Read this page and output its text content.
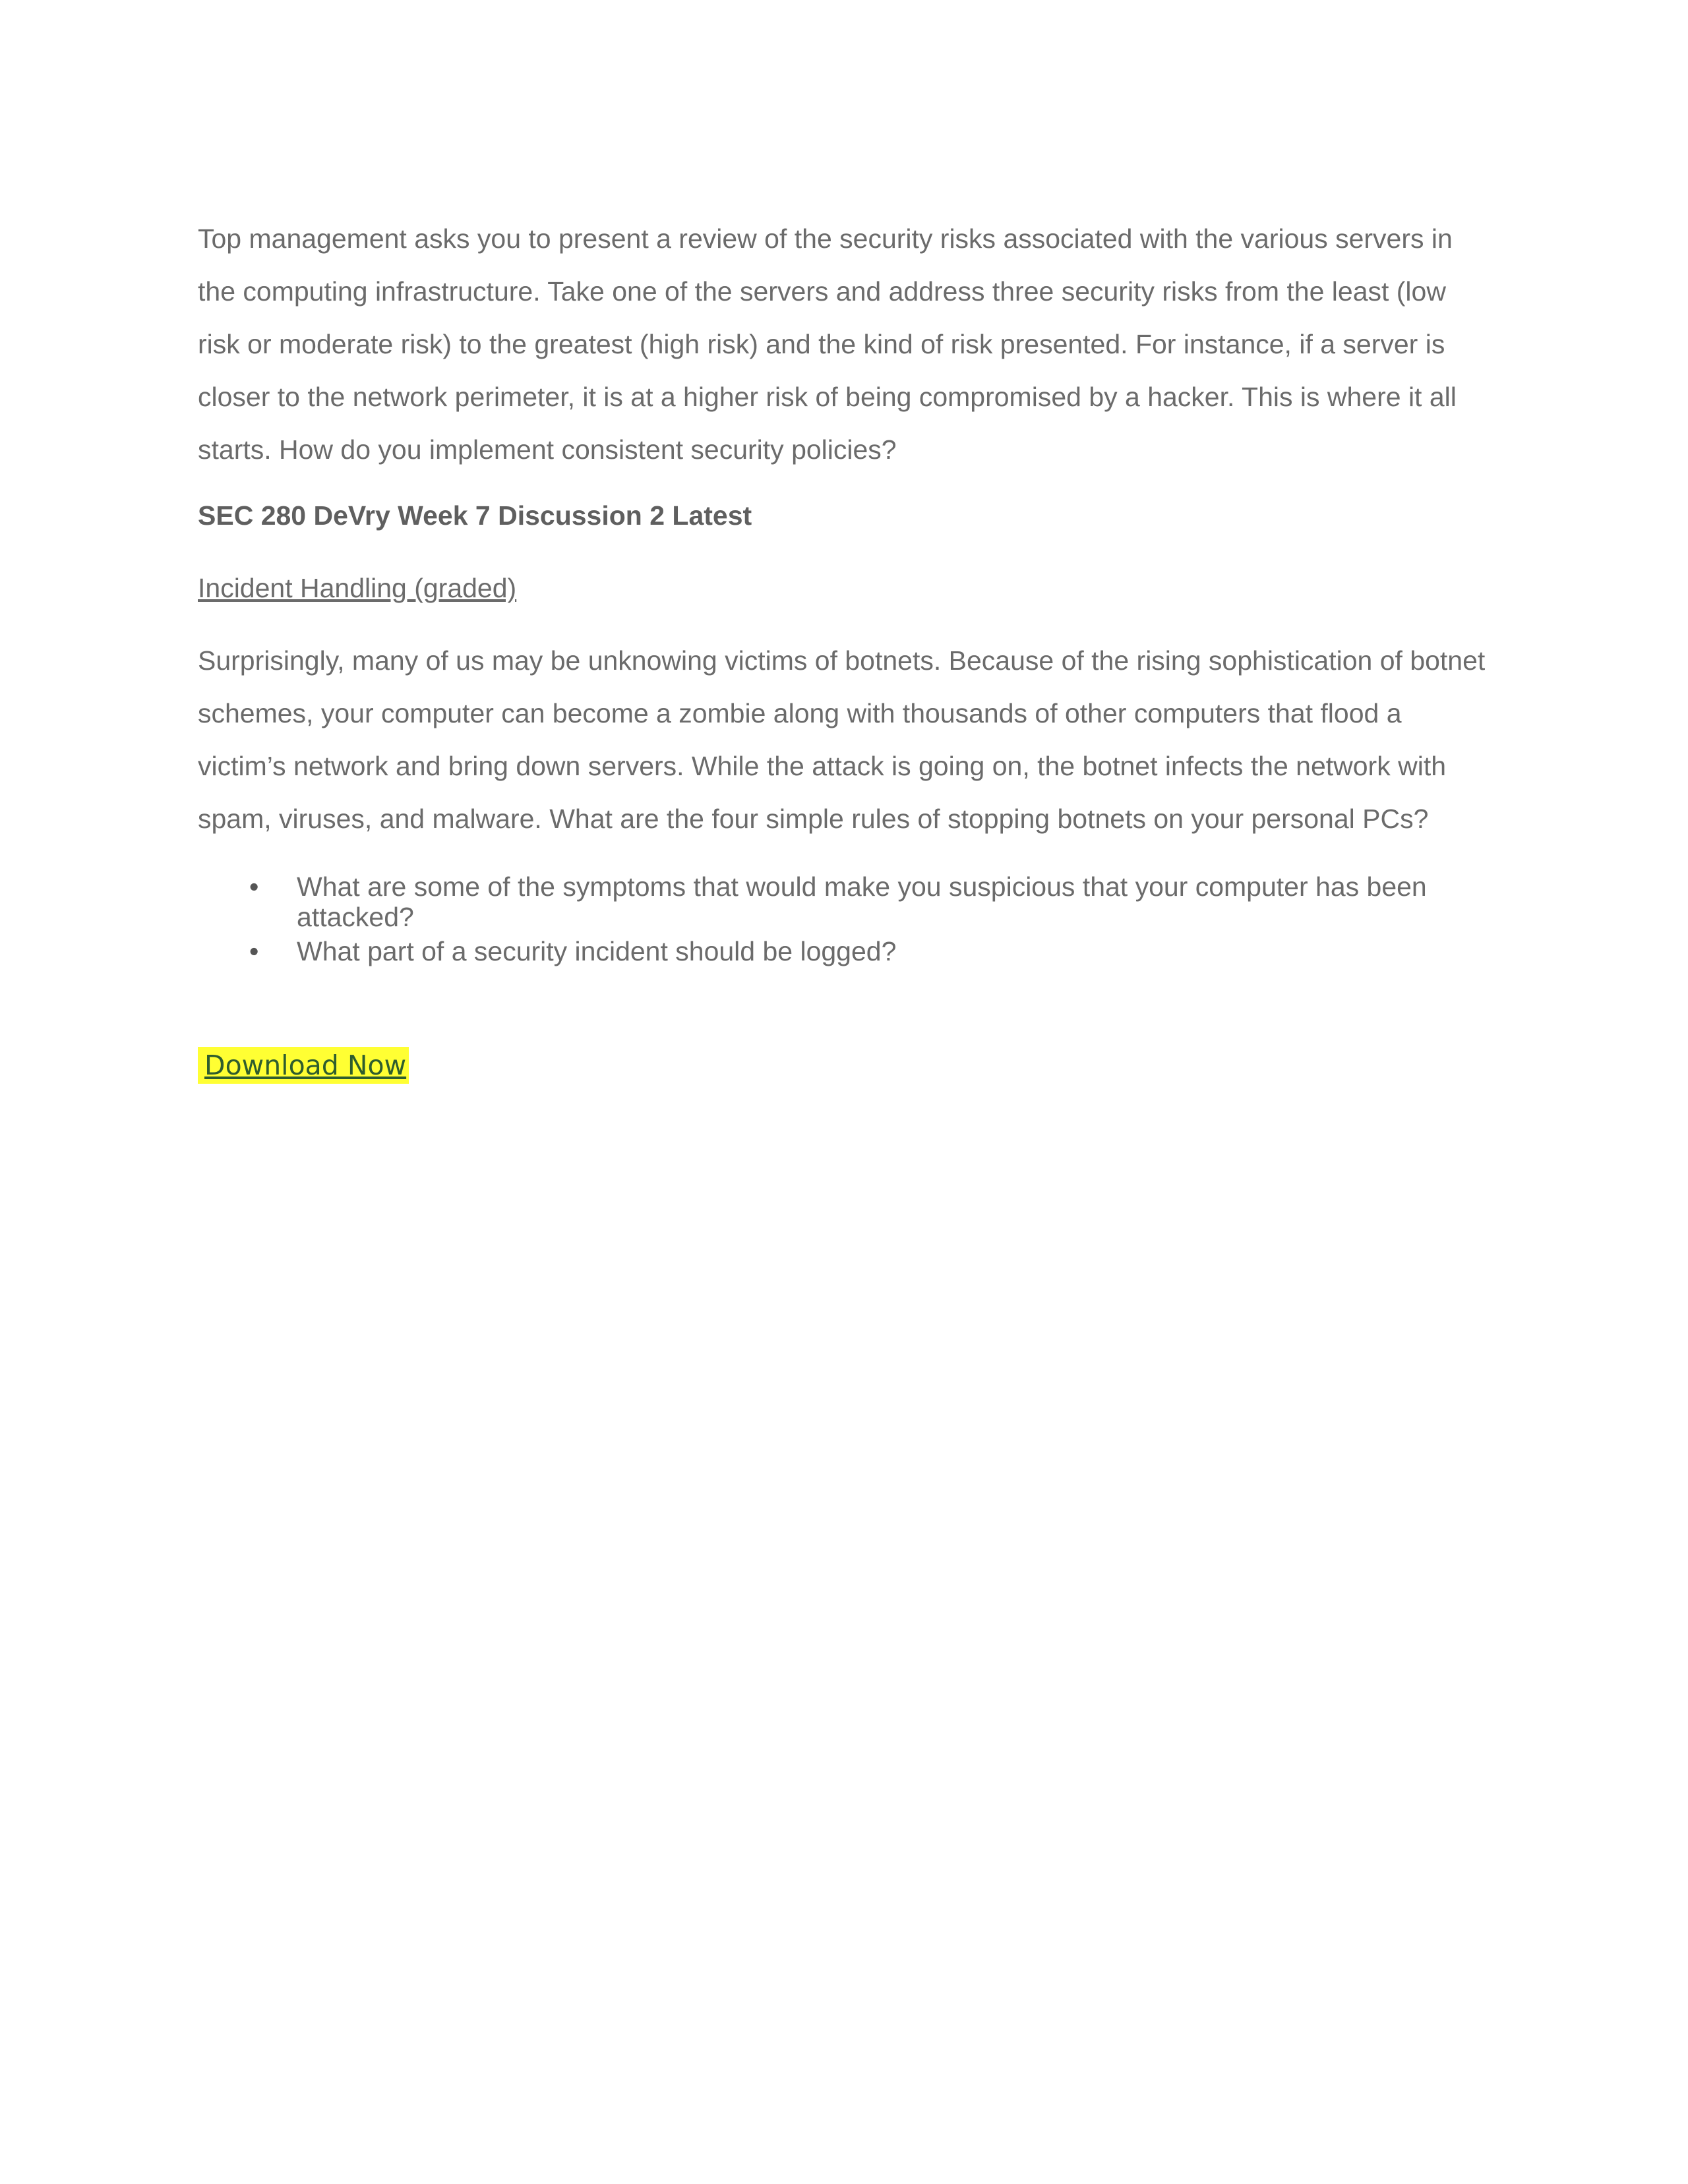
Top management asks you to present a review of the security risks associated with the various servers in the computing infrastructure. Take one of the servers and address three security risks from the least (low risk or moderate risk) to the greatest (high risk) and the kind of risk presented. For instance, if a server is closer to the network perimeter, it is at a higher risk of being compromised by a hacker. This is where it all starts. How do you implement consistent security policies?

SEC 280 DeVry Week 7 Discussion 2 Latest

Incident Handling (graded)

Surprisingly, many of us may be unknowing victims of botnets. Because of the rising sophistication of botnet schemes, your computer can become a zombie along with thousands of other computers that flood a victim’s network and bring down servers. While the attack is going on, the botnet infects the network with spam, viruses, and malware. What are the four simple rules of stopping botnets on your personal PCs?

• What are some of the symptoms that would make you suspicious that your computer has been attacked?
• What part of a security incident should be logged?
Download Now
